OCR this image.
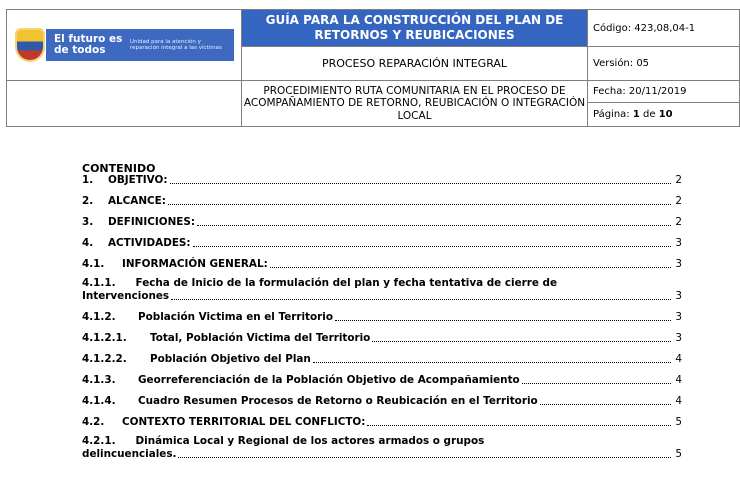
El futuro es de todos
Unidad para la atención y reparación integral a las víctimas	GUÍA PARA LA CONSTRUCCIÓN DEL PLAN DE RETORNOS Y REUBICACIONES	Código: 423,08,04-1
	PROCESO REPARACIÓN INTEGRAL	Versión: 05
	PROCEDIMIENTO RUTA COMUNITARIA EN EL PROCESO DE ACOMPAÑAMIENTO DE RETORNO, REUBICACIÓN O INTEGRACIÓN LOCAL	Fecha: 20/11/2019
		Página: 1 de 10
CONTENIDO
1. OBJETIVO:	2
2. ALCANCE:	2
3. DEFINICIONES:	2
4. ACTIVIDADES:	3
4.1. INFORMACIÓN GENERAL:	3
4.1.1. Fecha de Inicio de la formulación del plan y fecha tentativa de cierre de
Intervenciones	3
4.1.2. Población Victima en el Territorio	3
4.1.2.1. Total, Población Victima del Territorio	3
4.1.2.2. Población Objetivo del Plan	4
4.1.3. Georreferenciación de la Población Objetivo de Acompañamiento	4
4.1.4. Cuadro Resumen Procesos de Retorno o Reubicación en el Territorio	4
4.2. CONTEXTO TERRITORIAL DEL CONFLICTO:	5
4.2.1. Dinámica Local y Regional de los actores armados o grupos
delincuenciales.	5
